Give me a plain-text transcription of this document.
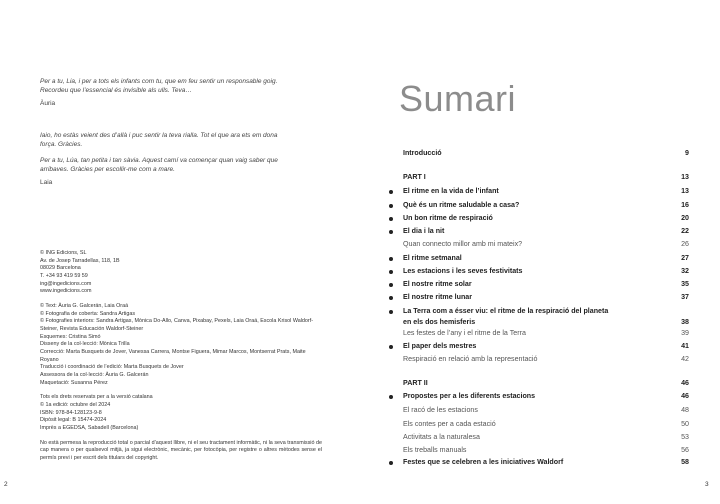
Per a tu, Lia, i per a tots els infants com tu, que em feu sentir un responsable goig. Recordeu que l’essencial és invisible als ulls. Teva…
Àuria
Iaio, ho estàs veient des d’allà i puc sentir la teva rialla. Tot el que ara ets em dona força. Gràcies.
Per a tu, Lúa, tan petita i tan sàvia. Aquest camí va començar quan vaig saber que arribaves. Gràcies per escollir-me com a mare.
Laia
© ING Edicions, SL
Av. de Josep Tarradellas, 118, 1B
08029 Barcelona
T. +34 93 419 59 59
ing@ingedicions.com
www.ingedicions.com
© Text: Àuria G. Galcerán, Laia Oraá
© Fotografia de coberta: Sandra Artigas
© Fotografies interiors: Sandra Artigas, Mònica Do-Allo, Canva, Pixabay, Pexels, Laia Oraá, Escola Krisol Waldorf-Steiner, Revista Educación Waldorf-Steiner
Esquemes: Cristina Simó
Disseny de la col·lecció: Mònica Trilla
Correcció: Marta Busquets de Jover, Vanessa Carrera, Montse Figuera, Mimar Marcos, Montserrat Prats, Maite Royano
Traducció i coordinació de l’edició: Marta Busquets de Jover
Assessora de la col·lecció: Àuria G. Galcerán
Maquetació: Susanna Pérez
Tots els drets reservats per a la versió catalana
© 1a edició: octubre del 2024
ISBN: 978-84-128123-9-8
Dipòsit legal: B 15474-2024
Imprès a EGEDSA, Sabadell (Barcelona)
No està permesa la reproducció total o parcial d’aquest llibre, ni el seu tractament informàtic, ni la seva transmissió de cap manera o per qualsevol mitjà, ja sigui electrònic, mecànic, per fotocòpia, per registre o altres mètodes sense el permís previ i per escrit dels titulars del copyright.
2
Sumari
Introducció	9
PART I	13
El ritme en la vida de l’infant	13
Què és un ritme saludable a casa?	16
Un bon ritme de respiració	20
El dia i la nit	22
Quan connecto millor amb mi mateix?	26
El ritme setmanal	27
Les estacions i les seves festivitats	32
El nostre ritme solar	35
El nostre ritme lunar	37
La Terra com a ésser viu: el ritme de la respiració del planeta
en els dos hemisferis	38
Les festes de l’any i el ritme de la Terra	39
El paper dels mestres	41
Respiració en relació amb la representació	42
PART II	46
Propostes per a les diferents estacions	46
El racó de les estacions	48
Els contes per a cada estació	50
Activitats a la naturalesa	53
Els treballs manuals	56
Festes que se celebren a les iniciatives Waldorf	58
3
